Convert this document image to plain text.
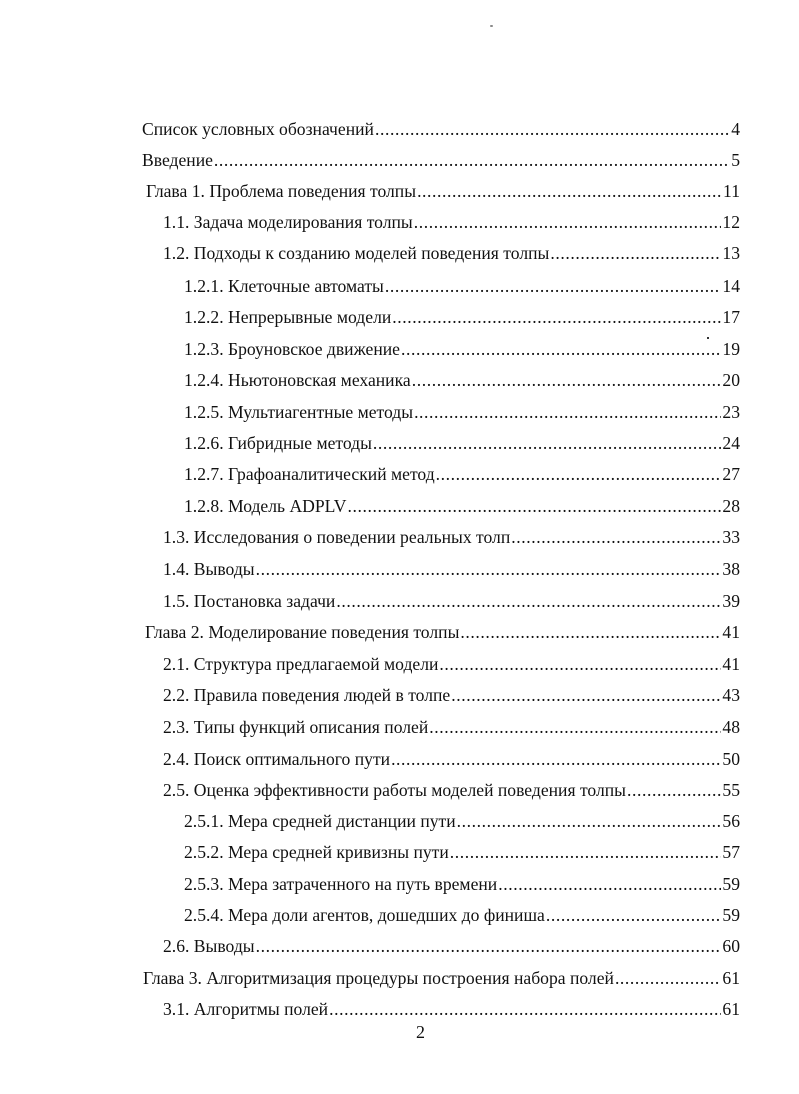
Список условных обозначений .....	4
Введение .....	5
Глава 1. Проблема поведения толпы .....	11
1.1. Задача моделирования толпы .....	12
1.2. Подходы к созданию моделей поведения толпы .....	13
1.2.1. Клеточные автоматы .....	14
1.2.2. Непрерывные модели .....	17
1.2.3. Броуновское движение .....	19
1.2.4. Ньютоновская механика .....	20
1.2.5. Мультиагентные методы .....	23
1.2.6. Гибридные методы .....	24
1.2.7. Графоаналитический метод .....	27
1.2.8. Модель ADPLV .....	28
1.3. Исследования о поведении реальных толп .....	33
1.4. Выводы .....	38
1.5. Постановка задачи .....	39
Глава 2. Моделирование поведения толпы .....	41
2.1. Структура предлагаемой модели .....	41
2.2. Правила поведения людей в толпе .....	43
2.3. Типы функций описания полей .....	48
2.4. Поиск оптимального пути .....	50
2.5. Оценка эффективности работы моделей поведения толпы .....	55
2.5.1. Мера средней дистанции пути .....	56
2.5.2. Мера средней кривизны пути .....	57
2.5.3. Мера затраченного на путь времени .....	59
2.5.4. Мера доли агентов, дошедших до финиша .....	59
2.6. Выводы .....	60
Глава 3. Алгоритмизация процедуры построения набора полей .....	61
3.1. Алгоритмы полей .....	61
2
